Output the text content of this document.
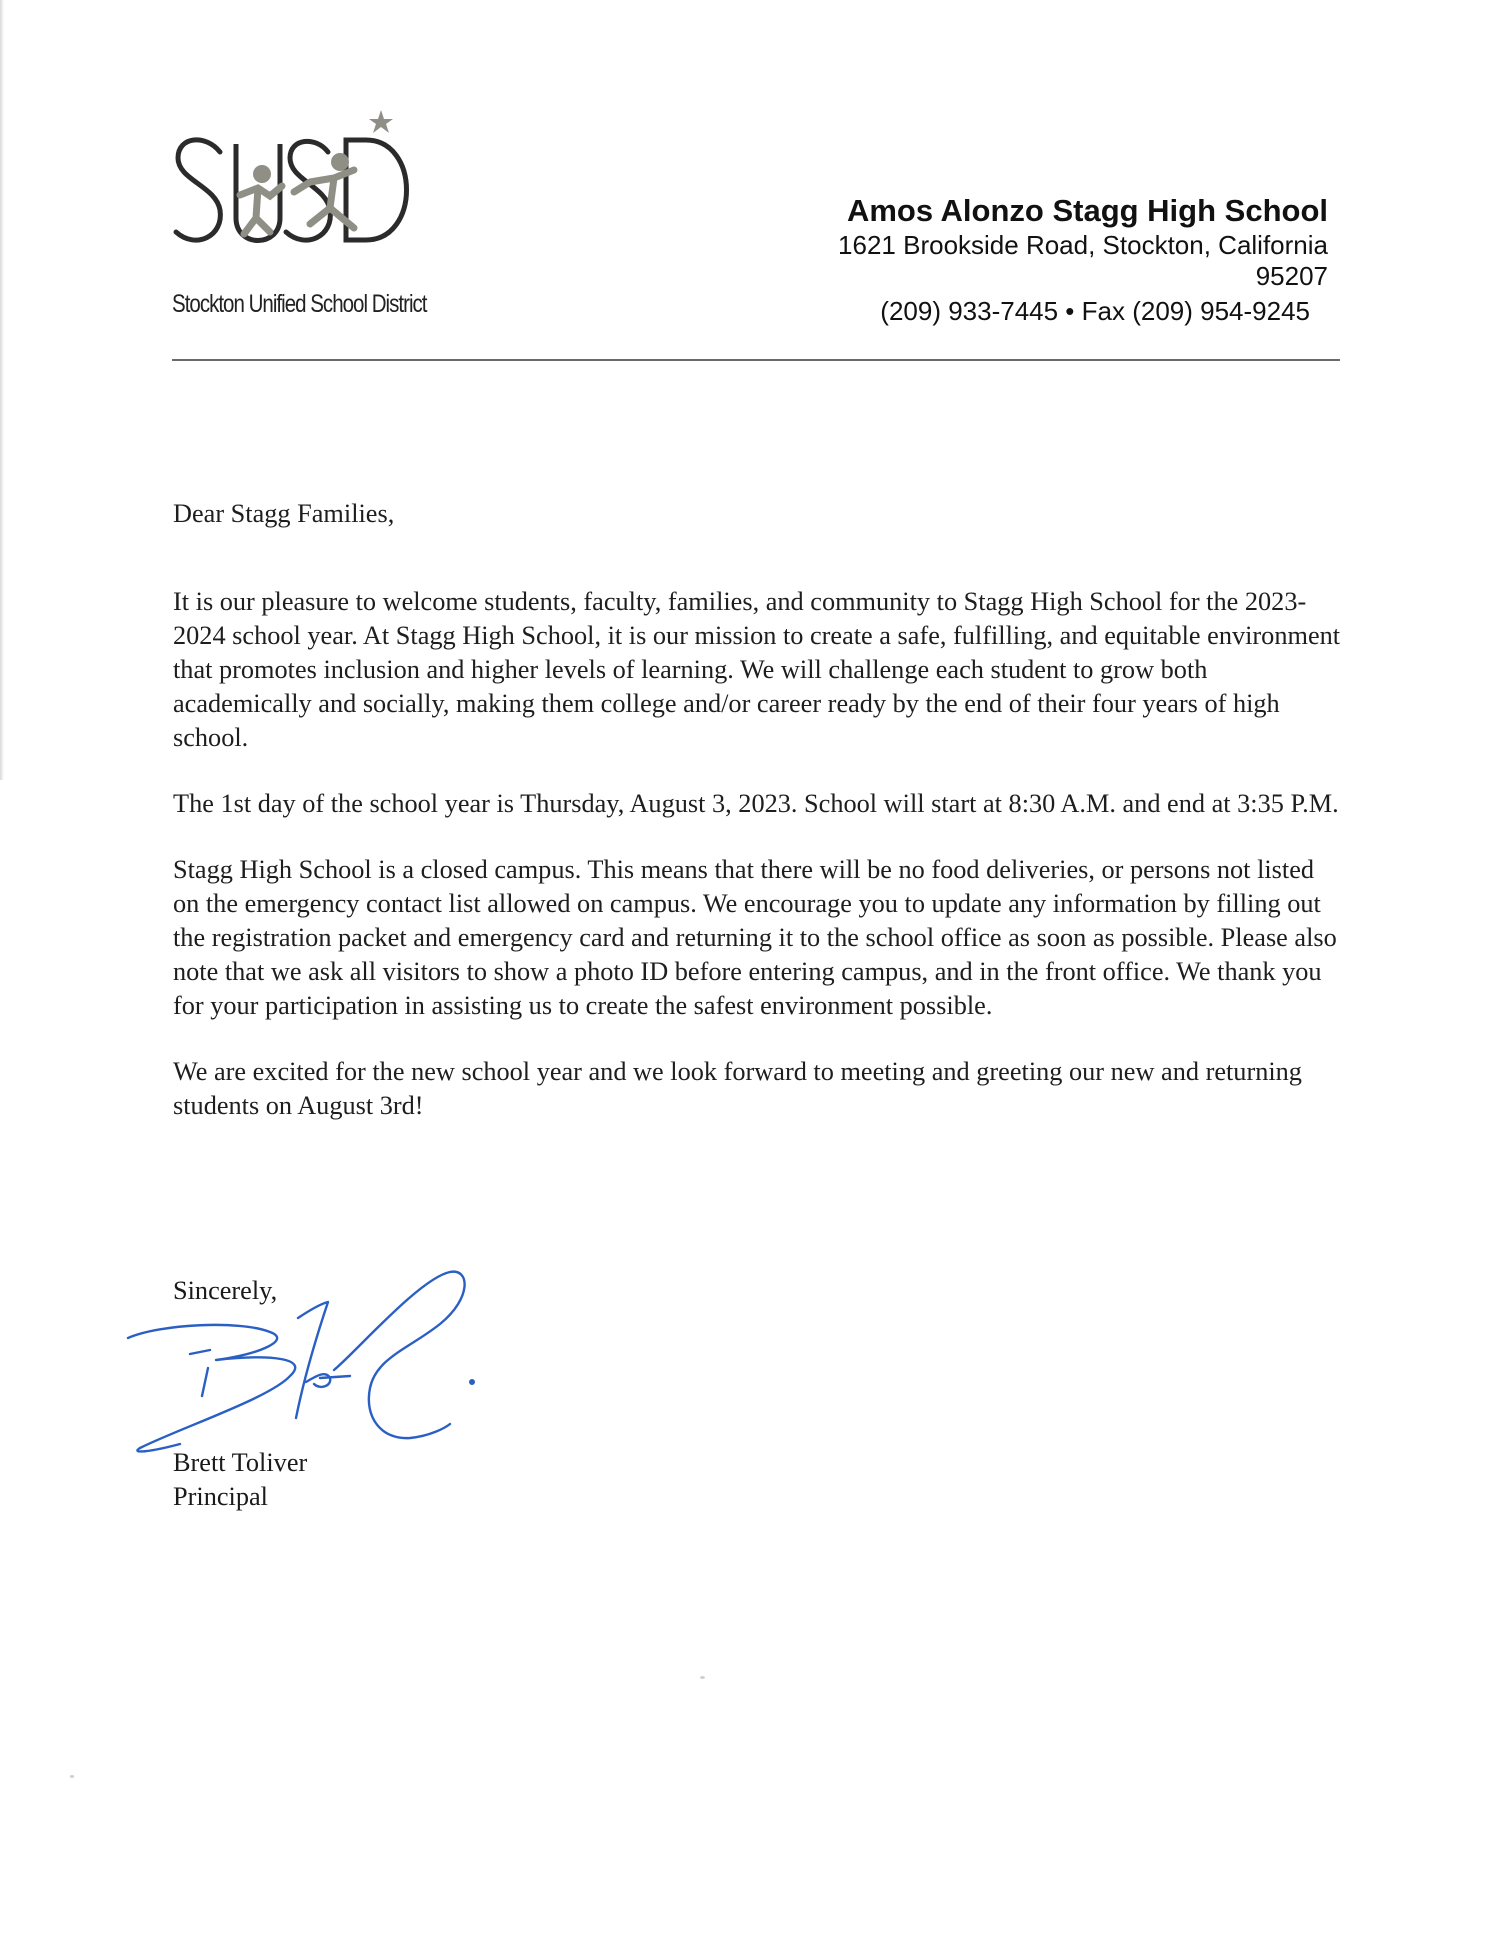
Stockton Unified School District
Amos Alonzo Stagg High School
1621 Brookside Road, Stockton, California
95207
(209) 933-7445 • Fax (209) 954-9245

Dear Stagg Families,

It is our pleasure to welcome students, faculty, families, and community to Stagg High School for the 2023-2024 school year. At Stagg High School, it is our mission to create a safe, fulfilling, and equitable environment that promotes inclusion and higher levels of learning. We will challenge each student to grow both academically and socially, making them college and/or career ready by the end of their four years of high school.

The 1st day of the school year is Thursday, August 3, 2023. School will start at 8:30 A.M. and end at 3:35 P.M.

Stagg High School is a closed campus. This means that there will be no food deliveries, or persons not listed on the emergency contact list allowed on campus. We encourage you to update any information by filling out the registration packet and emergency card and returning it to the school office as soon as possible. Please also note that we ask all visitors to show a photo ID before entering campus, and in the front office. We thank you for your participation in assisting us to create the safest environment possible.

We are excited for the new school year and we look forward to meeting and greeting our new and returning students on August 3rd!

Sincerely,
Brett Toliver
Principal
